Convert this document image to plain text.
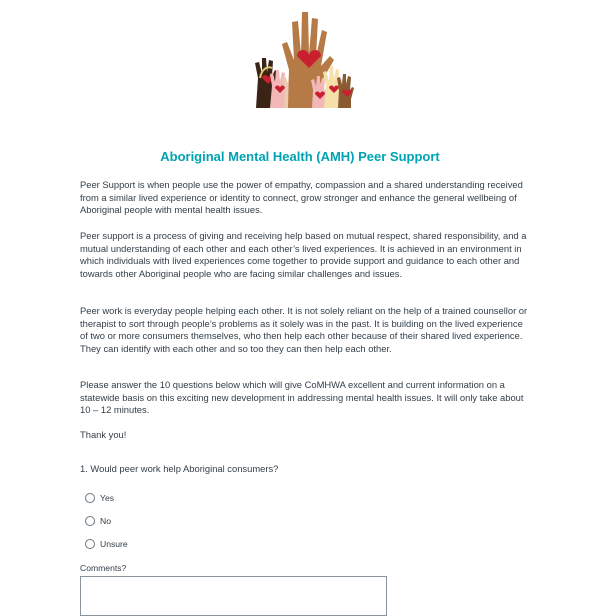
Aboriginal Mental Health (AMH) Peer Support

Peer Support is when people use the power of empathy, compassion and a shared understanding received from a similar lived experience or identity to connect, grow stronger and enhance the general wellbeing of Aboriginal people with mental health issues.

Peer support is a process of giving and receiving help based on mutual respect, shared responsibility, and a mutual understanding of each other and each other’s lived experiences. It is achieved in an environment in which individuals with lived experiences come together to provide support and guidance to each other and towards other Aboriginal people who are facing similar challenges and issues.

Peer work is everyday people helping each other. It is not solely reliant on the help of a trained counsellor or therapist to sort through people’s problems as it solely was in the past. It is building on the lived experience of two or more consumers themselves, who then help each other because of their shared lived experience. They can identify with each other and so too they can then help each other.

Please answer the 10 questions below which will give CoMHWA excellent and current information on a statewide basis on this exciting new development in addressing mental health issues. It will only take about 10 – 12 minutes.

Thank you!

1. Would peer work help Aboriginal consumers?

Yes
No
Unsure
Comments?
